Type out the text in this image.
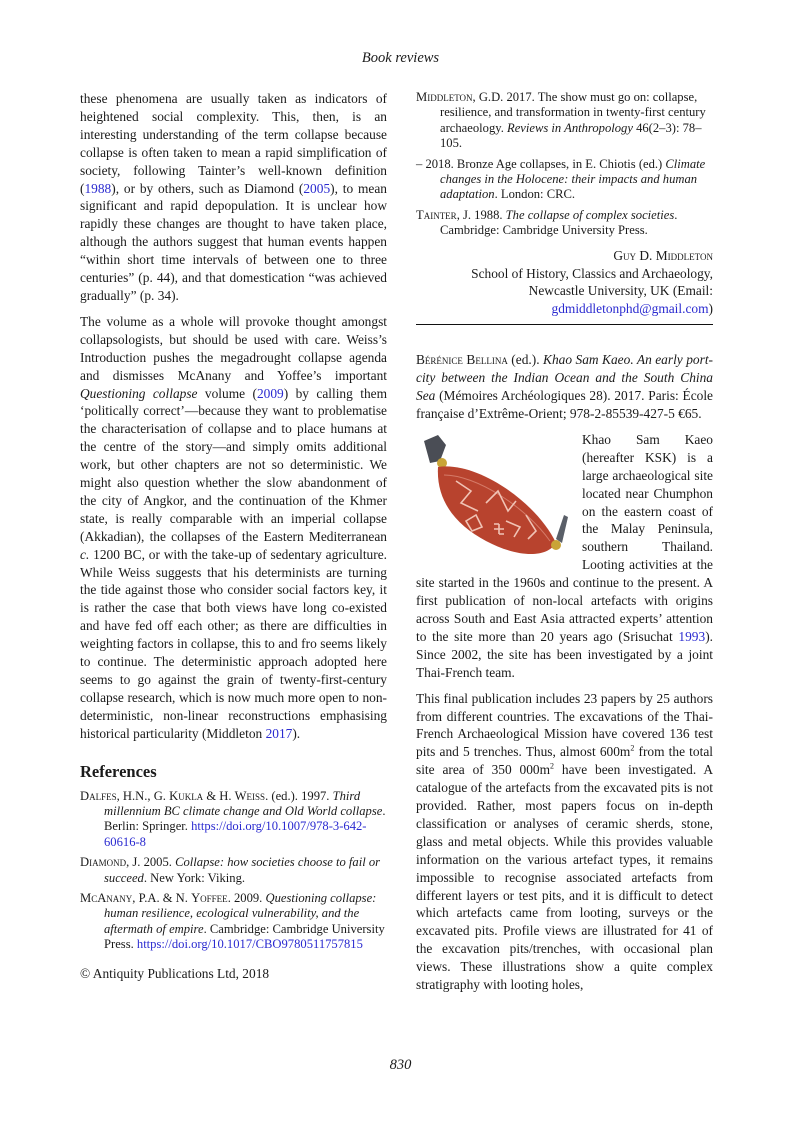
Book reviews

these phenomena are usually taken as indicators of heightened social complexity. This, then, is an interesting understanding of the term collapse because collapse is often taken to mean a rapid simplification of society, following Tainter’s well-known definition (1988), or by others, such as Diamond (2005), to mean significant and rapid depopulation. It is unclear how rapidly these changes are thought to have taken place, although the authors suggest that human events happen “within short time intervals of between one to three centuries” (p. 44), and that domestication “was achieved gradually” (p. 34).

The volume as a whole will provoke thought amongst collapsologists, but should be used with care. Weiss’s Introduction pushes the megadrought collapse agenda and dismisses McAnany and Yoffee’s important Questioning collapse volume (2009) by calling them ‘politically correct’—because they want to problematise the characterisation of collapse and to place humans at the centre of the story—and simply omits additional work, but other chapters are not so deterministic. We might also question whether the slow abandonment of the city of Angkor, and the continuation of the Khmer state, is really comparable with an imperial collapse (Akkadian), the collapses of the Eastern Mediterranean c. 1200 BC, or with the take-up of sedentary agriculture. While Weiss suggests that his determinists are turning the tide against those who consider social factors key, it is rather the case that both views have long co-existed and have fed off each other; as there are difficulties in weighting factors in collapse, this to and fro seems likely to continue. The deterministic approach adopted here seems to go against the grain of twenty-first-century collapse research, which is now much more open to non-deterministic, non-linear reconstructions emphasising historical particularity (Middleton 2017).

References

Dalfes, H.N., G. Kukla & H. Weiss. (ed.). 1997. Third millennium BC climate change and Old World collapse. Berlin: Springer. https://doi.org/10.1007/978-3-642-60616-8

Diamond, J. 2005. Collapse: how societies choose to fail or succeed. New York: Viking.

McAnany, P.A. & N. Yoffee. 2009. Questioning collapse: human resilience, ecological vulnerability, and the aftermath of empire. Cambridge: Cambridge University Press. https://doi.org/10.1017/CBO9780511757815

© Antiquity Publications Ltd, 2018

Middleton, G.D. 2017. The show must go on: collapse, resilience, and transformation in twenty-first century archaeology. Reviews in Anthropology 46(2–3): 78–105.

– 2018. Bronze Age collapses, in E. Chiotis (ed.) Climate changes in the Holocene: their impacts and human adaptation. London: CRC.

Tainter, J. 1988. The collapse of complex societies. Cambridge: Cambridge University Press.

Guy D. Middleton
School of History, Classics and Archaeology,
Newcastle University, UK (Email:
gdmiddletonphd@gmail.com)

Bérénice Bellina (ed.). Khao Sam Kaeo. An early port-city between the Indian Ocean and the South China Sea (Mémoires Archéologiques 28). 2017. Paris: École française d’Extrême-Orient; 978-2-85539-427-5 €65.

Khao Sam Kaeo (hereafter KSK) is a large archaeological site located near Chumphon on the eastern coast of the Malay Peninsula, southern Thailand. Looting activities at the site started in the 1960s and continue to the present. A first publication of non-local artefacts with origins across South and East Asia attracted experts’ attention to the site more than 20 years ago (Srisuchat 1993). Since 2002, the site has been investigated by a joint Thai-French team.

This final publication includes 23 papers by 25 authors from different countries. The excavations of the Thai-French Archaeological Mission have covered 136 test pits and 5 trenches. Thus, almost $600m^2$ from the total site area of 350 $000m^2$ have been investigated. A catalogue of the artefacts from the excavated pits is not provided. Rather, most papers focus on in-depth classification or analyses of ceramic sherds, stone, glass and metal objects. While this provides valuable information on the various artefact types, it remains impossible to recognise associated artefacts from different layers or test pits, and it is difficult to detect which artefacts came from looting, surveys or the excavated pits. Profile views are illustrated for 41 of the excavation pits/trenches, with occasional plan views. These illustrations show a quite complex stratigraphy with looting holes,

830
